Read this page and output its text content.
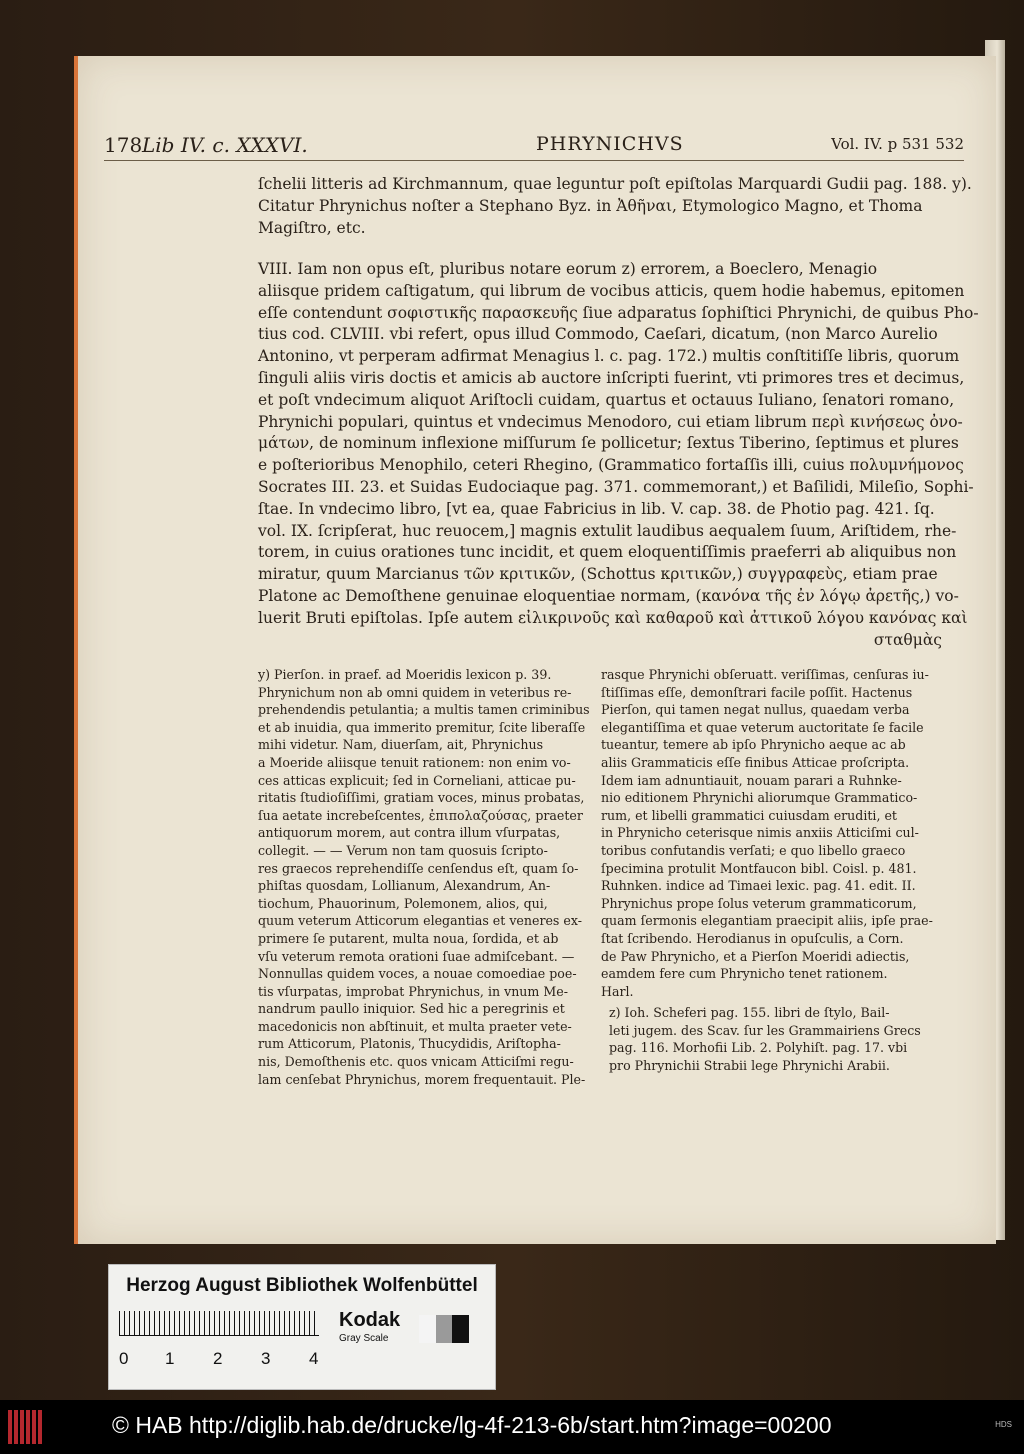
178 Lib IV. c. XXXVI.	PHRYNICHVS	Vol. IV. p 531 532
ſchelii litteris ad Kirchmannum, quae leguntur poſt epiſtolas Marquardi Gudii pag. 188. y).
Citatur Phrynichus noſter a Stephano Byz. in Ἀθῆναι, Etymologico Magno, et Thoma
Magiſtro, etc.
VIII. Iam non opus eſt, pluribus notare eorum z) errorem, a Boeclero, Menagio
aliisque pridem caſtigatum, qui librum de vocibus atticis, quem hodie habemus, epitomen
eſſe contendunt σοφιστικῆς παρασκευῆς ſiue adparatus ſophiſtici Phrynichi, de quibus Pho-
tius cod. CLVIII. vbi refert, opus illud Commodo, Caeſari, dicatum, (non Marco Aurelio
Antonino, vt perperam adfirmat Menagius l. c. pag. 172.) multis conſtitiſſe libris, quorum
ſinguli aliis viris doctis et amicis ab auctore inſcripti fuerint, vti primores tres et decimus,
et poſt vndecimum aliquot Ariſtocli cuidam, quartus et octauus Iuliano, ſenatori romano,
Phrynichi populari, quintus et vndecimus Menodoro, cui etiam librum περὶ κινήσεως ὀνο-
μάτων, de nominum inflexione miſſurum ſe pollicetur; ſextus Tiberino, ſeptimus et plures
e poſterioribus Menophilo, ceteri Rhegino, (Grammatico fortaſſis illi, cuius πολυμνήμονος
Socrates III. 23. et Suidas Eudociaque pag. 371. commemorant,) et Baſilidi, Mileſio, Sophi-
ſtae. In vndecimo libro, [vt ea, quae Fabricius in lib. V. cap. 38. de Photio pag. 421. ſq.
vol. IX. ſcripſerat, huc reuocem,] magnis extulit laudibus aequalem ſuum, Ariſtidem, rhe-
torem, in cuius orationes tunc incidit, et quem eloquentiſſimis praeferri ab aliquibus non
miratur, quum Marcianus τῶν κριτικῶν, (Schottus κριτικῶν,) συγγραφεὺς, etiam prae
Platone ac Demoſthene genuinae eloquentiae normam, (κανόνα τῆς ἐν λόγῳ ἀρετῆς,) vo-
luerit Bruti epiſtolas. Ipſe autem εἰλικρινοῦς καὶ καθαροῦ καὶ ἀττικοῦ λόγου κανόνας καὶ
σταθμὰς
y) Pierſon. in praef. ad Moeridis lexicon p. 39.
Phrynichum non ab omni quidem in veteribus re-
prehendendis petulantia; a multis tamen criminibus
et ab inuidia, qua immerito premitur, ſcite liberaſſe
mihi videtur. Nam, diuerſam, ait, Phrynichus
a Moeride aliisque tenuit rationem: non enim vo-
ces atticas explicuit; ſed in Corneliani, atticae pu-
ritatis ſtudioſiſſimi, gratiam voces, minus probatas,
ſua aetate increbeſcentes, ἐπιπολαζούσας, praeter
antiquorum morem, aut contra illum vſurpatas,
collegit. — — Verum non tam quosuis ſcripto-
res graecos reprehendiſſe cenſendus eſt, quam ſo-
phiſtas quosdam, Lollianum, Alexandrum, An-
tiochum, Phauorinum, Polemonem, alios, qui,
quum veterum Atticorum elegantias et veneres ex-
primere ſe putarent, multa noua, ſordida, et ab
vſu veterum remota orationi ſuae admiſcebant. —
Nonnullas quidem voces, a nouae comoediae poe-
tis vſurpatas, improbat Phrynichus, in vnum Me-
nandrum paullo iniquior. Sed hic a peregrinis et
macedonicis non abſtinuit, et multa praeter vete-
rum Atticorum, Platonis, Thucydidis, Ariſtopha-
nis, Demoſthenis etc. quos vnicam Atticiſmi regu-
lam cenſebat Phrynichus, morem frequentauit. Ple-
rasque Phrynichi obſeruatt. veriſſimas, cenſuras iu-
ſtiſſimas eſſe, demonſtrari facile poſſit. Hactenus
Pierſon, qui tamen negat nullus, quaedam verba
elegantiſſima et quae veterum auctoritate ſe facile
tueantur, temere ab ipſo Phrynicho aeque ac ab
aliis Grammaticis eſſe finibus Atticae proſcripta.
Idem iam adnuntiauit, nouam parari a Ruhnke-
nio editionem Phrynichi aliorumque Grammatico-
rum, et libelli grammatici cuiusdam eruditi, et
in Phrynicho ceterisque nimis anxiis Atticiſmi cul-
toribus confutandis verſati; e quo libello graeco
ſpecimina protulit Montfaucon bibl. Coisl. p. 481.
Ruhnken. indice ad Timaei lexic. pag. 41. edit. II.
Phrynichus prope ſolus veterum grammaticorum,
quam ſermonis elegantiam praecipit aliis, ipſe prae-
ſtat ſcribendo. Herodianus in opuſculis, a Corn.
de Paw Phrynicho, et a Pierſon Moeridi adiectis,
eamdem fere cum Phrynicho tenet rationem.
Harl.
z) Ioh. Scheferi pag. 155. libri de ſtylo, Bail-
leti jugem. des Scav. ſur les Grammairiens Grecs
pag. 116. Morhofii Lib. 2. Polyhiſt. pag. 17. vbi
pro Phrynichii Strabii lege Phrynichi Arabii.
Herzog August Bibliothek Wolfenbüttel
0 1 2 3 4
Kodak
Gray Scale
© HAB http://diglib.hab.de/drucke/lg-4f-213-6b/start.htm?image=00200	HDS
